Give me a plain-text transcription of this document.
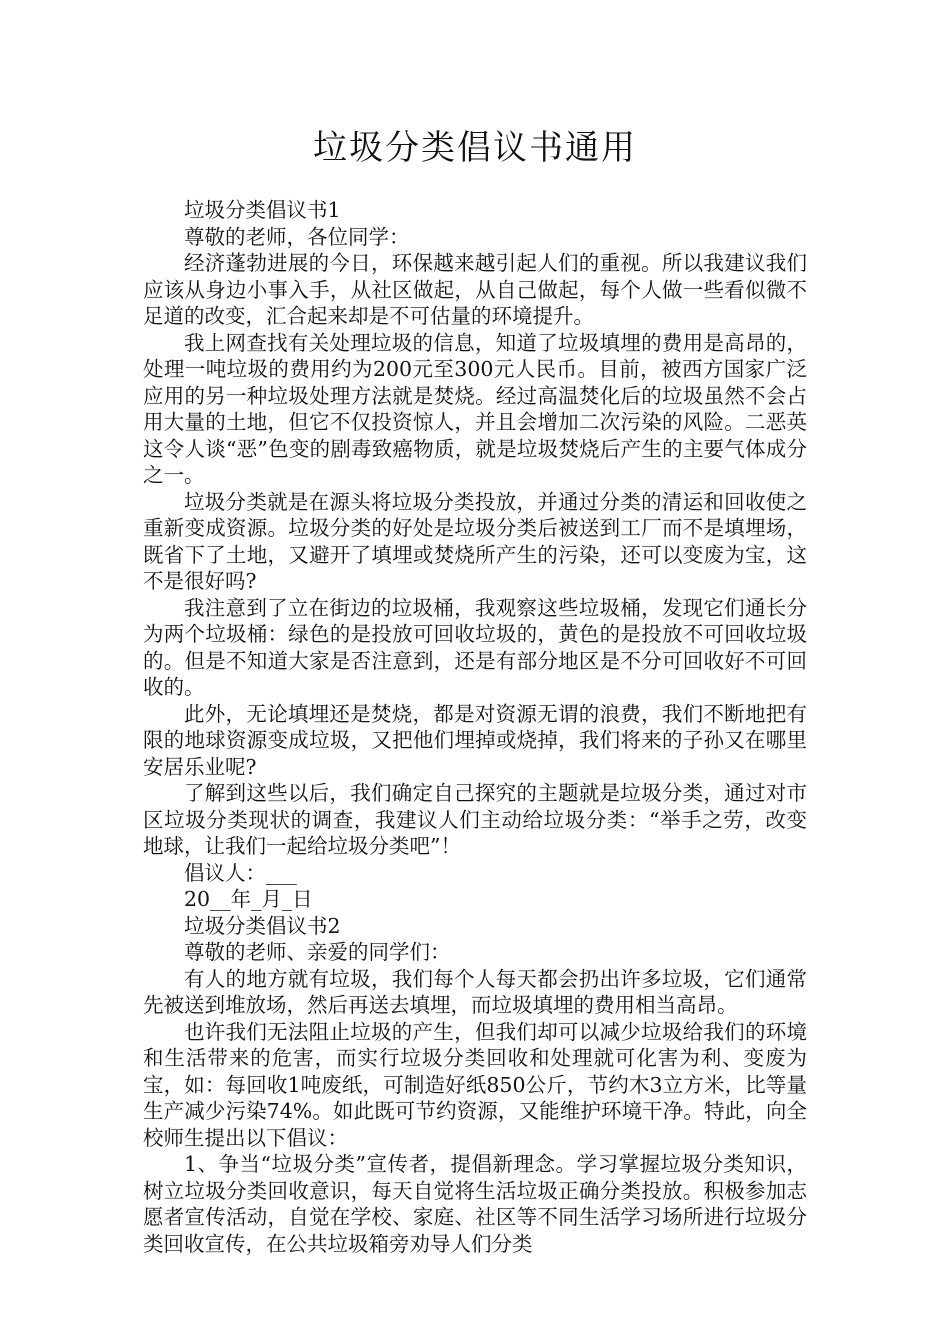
垃圾分类倡议书通用

垃圾分类倡议书1

尊敬的老师，各位同学：

经济蓬勃进展的今日，环保越来越引起人们的重视。所以我建议我们应该从身边小事入手，从社区做起，从自己做起，每个人做一些看似微不足道的改变，汇合起来却是不可估量的环境提升。

我上网查找有关处理垃圾的信息，知道了垃圾填埋的费用是高昂的，处理一吨垃圾的费用约为200元至300元人民币。目前，被西方国家广泛应用的另一种垃圾处理方法就是焚烧。经过高温焚化后的垃圾虽然不会占用大量的土地，但它不仅投资惊人，并且会增加二次污染的风险。二恶英这令人谈“恶”色变的剧毒致癌物质，就是垃圾焚烧后产生的主要气体成分之一。

垃圾分类就是在源头将垃圾分类投放，并通过分类的清运和回收使之重新变成资源。垃圾分类的好处是垃圾分类后被送到工厂而不是填埋场，既省下了土地，又避开了填埋或焚烧所产生的污染，还可以变废为宝，这不是很好吗?

我注意到了立在街边的垃圾桶，我观察这些垃圾桶，发现它们通长分为两个垃圾桶：绿色的是投放可回收垃圾的，黄色的是投放不可回收垃圾的。但是不知道大家是否注意到，还是有部分地区是不分可回收好不可回收的。

此外，无论填埋还是焚烧，都是对资源无谓的浪费，我们不断地把有限的地球资源变成垃圾，又把他们埋掉或烧掉，我们将来的子孙又在哪里安居乐业呢?

了解到这些以后，我们确定自己探究的主题就是垃圾分类，通过对市区垃圾分类现状的调查，我建议人们主动给垃圾分类：“举手之劳，改变地球，让我们一起给垃圾分类吧”！

倡议人：___

20__年_月_日

垃圾分类倡议书2

尊敬的老师、亲爱的同学们：

有人的地方就有垃圾，我们每个人每天都会扔出许多垃圾，它们通常先被送到堆放场，然后再送去填埋，而垃圾填埋的费用相当高昂。

也许我们无法阻止垃圾的产生，但我们却可以减少垃圾给我们的环境和生活带来的危害，而实行垃圾分类回收和处理就可化害为利、变废为宝，如：每回收1吨废纸，可制造好纸850公斤，节约木3立方米，比等量生产减少污染74%。如此既可节约资源，又能维护环境干净。特此，向全校师生提出以下倡议：

1、争当“垃圾分类”宣传者，提倡新理念。学习掌握垃圾分类知识，树立垃圾分类回收意识，每天自觉将生活垃圾正确分类投放。积极参加志愿者宣传活动，自觉在学校、家庭、社区等不同生活学习场所进行垃圾分类回收宣传，在公共垃圾箱旁劝导人们分类
